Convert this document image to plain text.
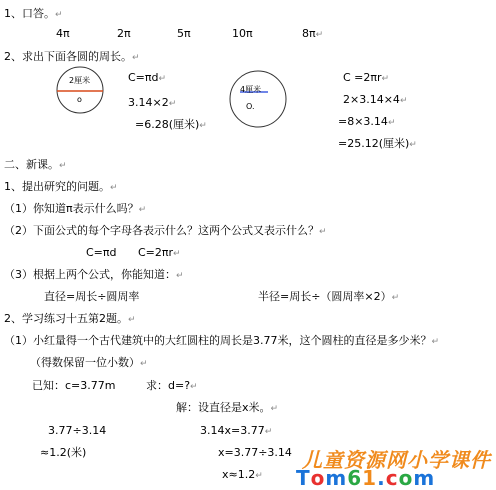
1、口答。↵
4π	2π	5π	10π	8π↵
2、求出下面各圆的周长。↵
2厘米
o
C=πd↵
3.14×2↵
=6.28(厘米)↵
4厘米
O.
C =2πr↵
2×3.14×4↵
=8×3.14↵
=25.12(厘米)↵
二、新课。↵
1、提出研究的问题。↵
（1）你知道π表示什么吗？↵
（2）下面公式的每个字母各表示什么？这两个公式又表示什么？↵
C=πd C=2πr↵
（3）根据上两个公式，你能知道：↵
直径=周长÷圆周率	半径=周长÷（圆周率×2）↵
2、学习练习十五第2题。↵
（1）小红量得一个古代建筑中的大红圆柱的周长是3.77米，这个圆柱的直径是多少米？↵
（得数保留一位小数）↵
已知：c=3.77m	求：d=?↵
解：设直径是x米。↵
3.77÷3.14	3.14x=3.77↵
≈1.2(米)	x=3.77÷3.14
x≈1.2↵
儿童资源网小学课件
Tom61.com
